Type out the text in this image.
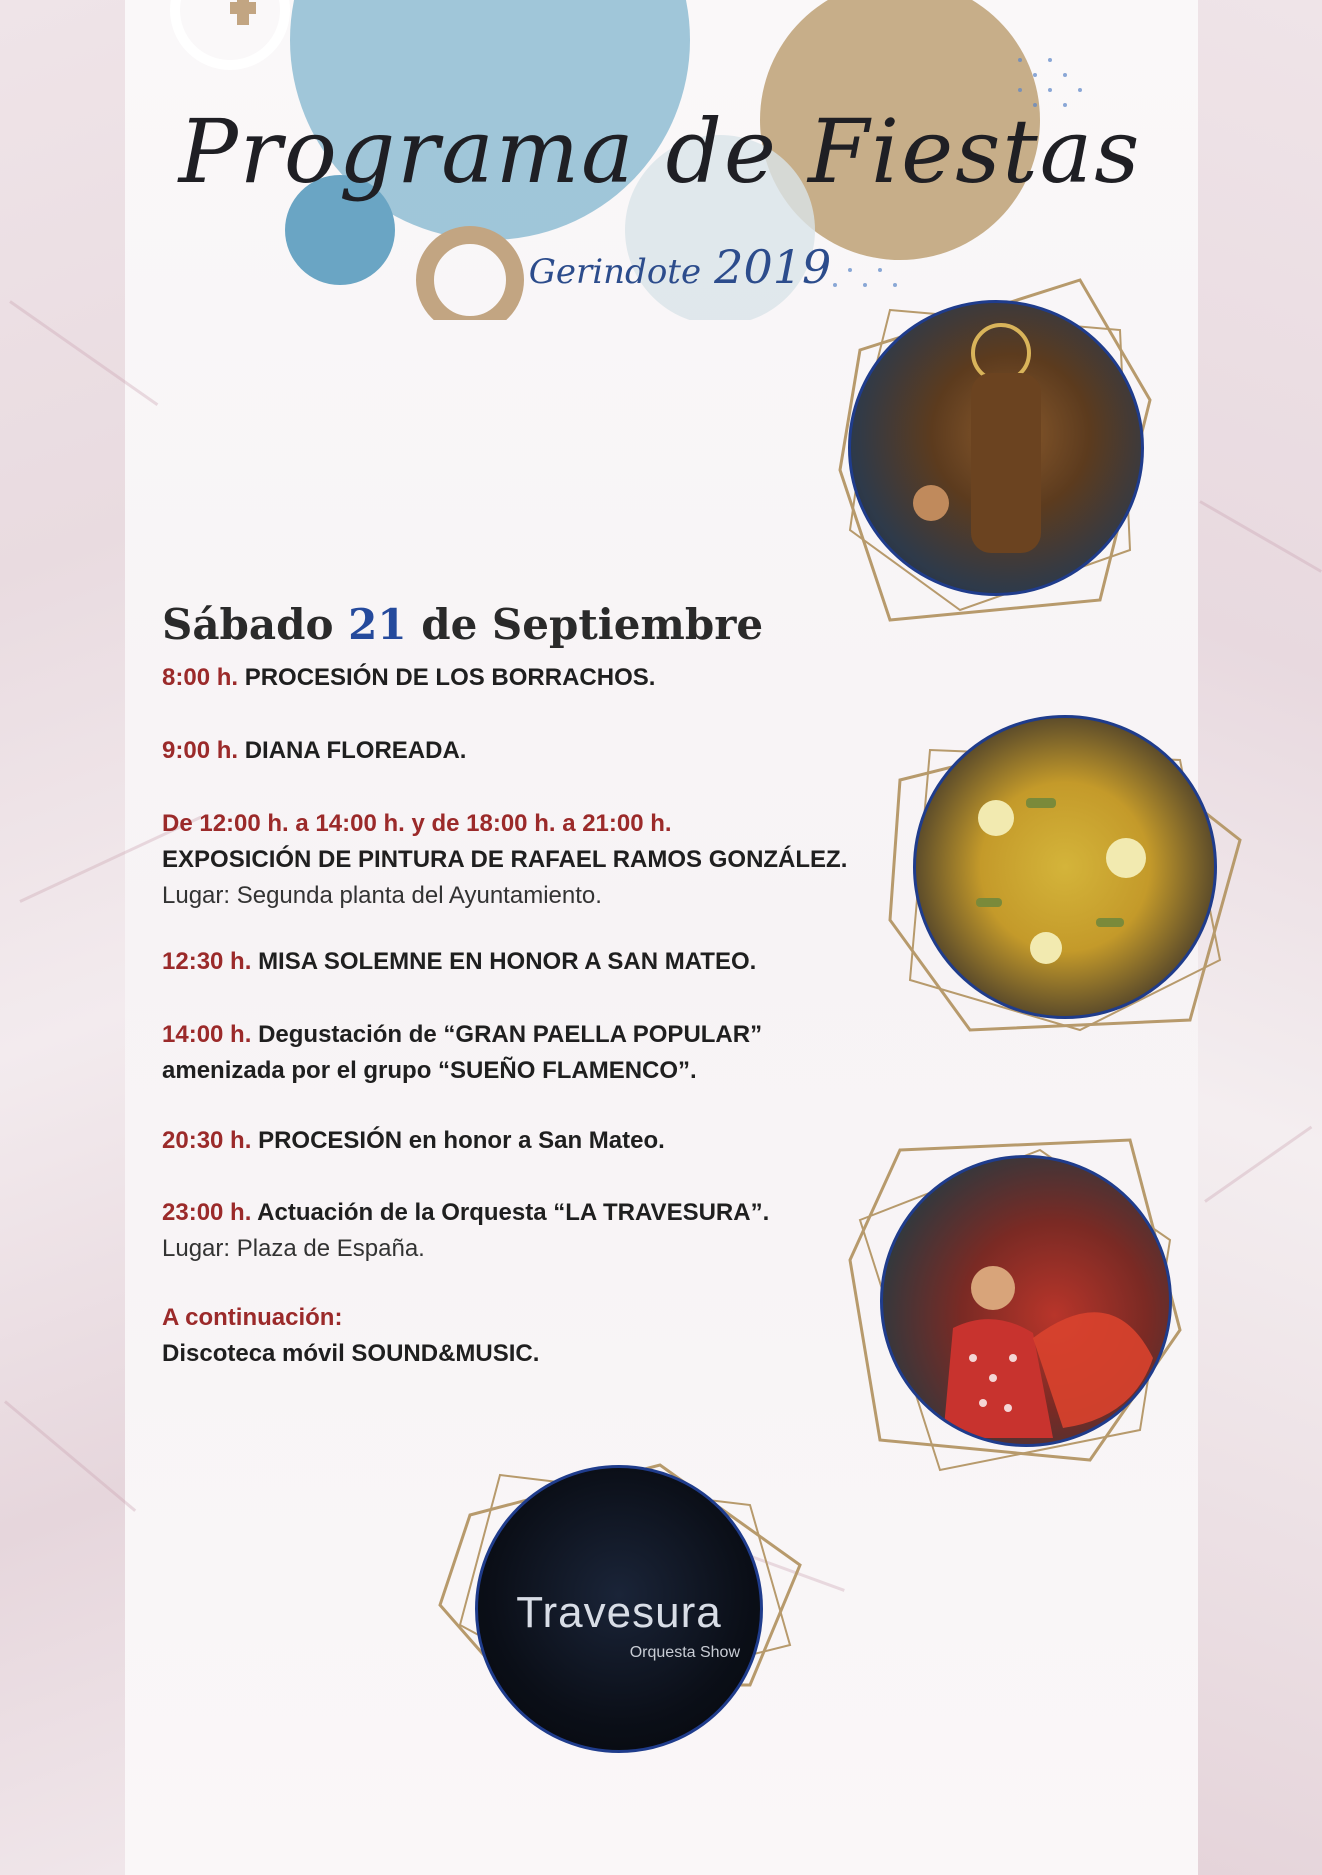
Programa de Fiestas
Gerindote 2019
Travesura
Orquesta Show
Sábado 21 de Septiembre
8:00 h. PROCESIÓN DE LOS BORRACHOS.
9:00 h. DIANA FLOREADA.
De 12:00 h. a 14:00 h. y de 18:00 h. a 21:00 h.
EXPOSICIÓN DE PINTURA DE RAFAEL RAMOS GONZÁLEZ.
Lugar: Segunda planta del Ayuntamiento.
12:30 h. MISA SOLEMNE EN HONOR A SAN MATEO.
14:00 h. Degustación de “GRAN PAELLA POPULAR”
amenizada por el grupo “SUEÑO FLAMENCO”.
20:30 h. PROCESIÓN en honor a San Mateo.
23:00 h. Actuación de la Orquesta “LA TRAVESURA”.
Lugar: Plaza de España.
A continuación:
Discoteca móvil SOUND&MUSIC.
